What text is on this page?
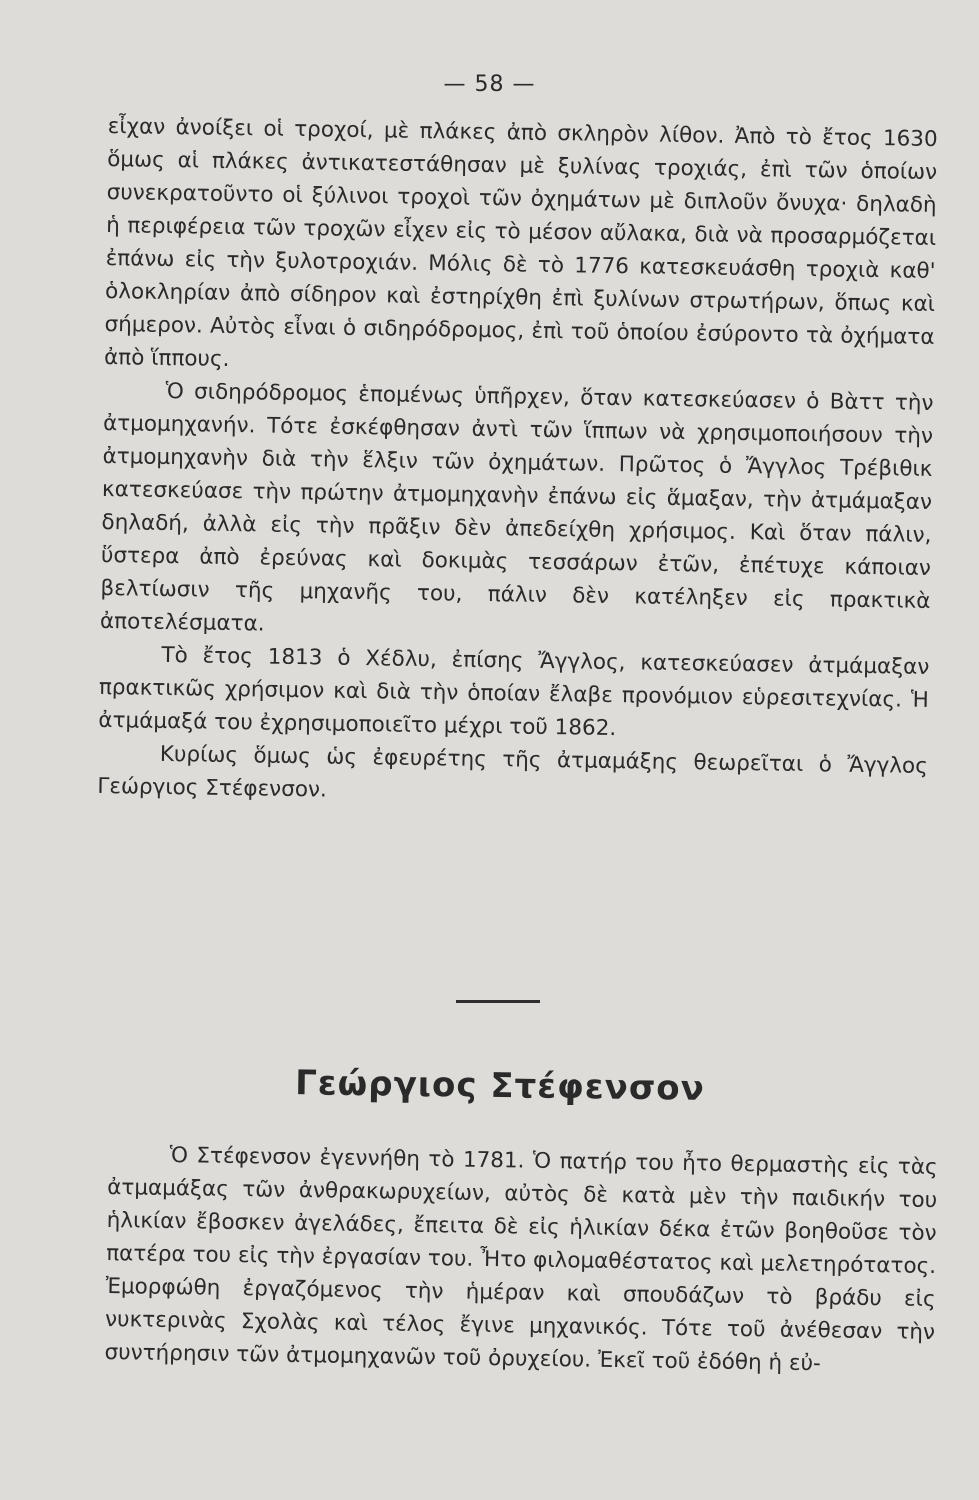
— 58 —

εἶχαν ἀνοίξει οἱ τροχοί, μὲ πλάκες ἀπὸ σκληρὸν λίθον. Ἀπὸ τὸ ἔτος 1630 ὅμως αἱ πλάκες ἀντικατεστάθησαν μὲ ξυλίνας τροχιάς, ἐπὶ τῶν ὁποίων συνεκρατοῦντο οἱ ξύλινοι τροχοὶ τῶν ὀχημάτων μὲ διπλοῦν ὄνυχα· δηλαδὴ ἡ περιφέρεια τῶν τροχῶν εἶχεν εἰς τὸ μέσον αὔλακα, διὰ νὰ προσαρμόζεται ἐπάνω εἰς τὴν ξυλοτροχιάν. Μόλις δὲ τὸ 1776 κατεσκευάσθη τροχιὰ καθ' ὁλοκληρίαν ἀπὸ σίδηρον καὶ ἐστηρίχθη ἐπὶ ξυλίνων στρωτήρων, ὅπως καὶ σήμερον. Αὐτὸς εἶναι ὁ σιδηρόδρομος, ἐπὶ τοῦ ὁποίου ἐσύροντο τὰ ὀχήματα ἀπὸ ἵππους.

Ὁ σιδηρόδρομος ἑπομένως ὑπῆρχεν, ὅταν κατεσκεύασεν ὁ Βὰττ τὴν ἀτμομηχανήν. Τότε ἐσκέφθησαν ἀντὶ τῶν ἵππων νὰ χρησιμοποιήσουν τὴν ἀτμομηχανὴν διὰ τὴν ἕλξιν τῶν ὀχημάτων. Πρῶτος ὁ Ἄγγλος Τρέβιθικ κατεσκεύασε τὴν πρώτην ἀτμομηχανὴν ἐπάνω εἰς ἅμαξαν, τὴν ἀτμάμαξαν δηλαδή, ἀλλὰ εἰς τὴν πρᾶξιν δὲν ἀπεδείχθη χρήσιμος. Καὶ ὅταν πάλιν, ὕστερα ἀπὸ ἐρεύνας καὶ δοκιμὰς τεσσάρων ἐτῶν, ἐπέτυχε κάποιαν βελτίωσιν τῆς μηχανῆς του, πάλιν δὲν κατέληξεν εἰς πρακτικὰ ἀποτελέσματα.

Τὸ ἔτος 1813 ὁ Χέδλυ, ἐπίσης Ἄγγλος, κατεσκεύασεν ἀτμάμαξαν πρακτικῶς χρήσιμον καὶ διὰ τὴν ὁποίαν ἔλαβε προνόμιον εὑρεσιτεχνίας. Ἡ ἀτμάμαξά του ἐχρησιμοποιεῖτο μέχρι τοῦ 1862.

Κυρίως ὅμως ὡς ἐφευρέτης τῆς ἀτμαμάξης θεωρεῖται ὁ Ἄγγλος Γεώργιος Στέφενσον.

Γεώργιος Στέφενσον

Ὁ Στέφενσον ἐγεννήθη τὸ 1781. Ὁ πατήρ του ἦτο θερμαστὴς εἰς τὰς ἀτμαμάξας τῶν ἀνθρακωρυχείων, αὐτὸς δὲ κατὰ μὲν τὴν παιδικήν του ἡλικίαν ἔβοσκεν ἀγελάδες, ἔπειτα δὲ εἰς ἡλικίαν δέκα ἐτῶν βοηθοῦσε τὸν πατέρα του εἰς τὴν ἐργασίαν του. Ἦτο φιλομαθέστατος καὶ μελετηρότατος. Ἐμορφώθη ἐργαζόμενος τὴν ἡμέραν καὶ σπουδάζων τὸ βράδυ εἰς νυκτερινὰς Σχολὰς καὶ τέλος ἔγινε μηχανικός. Τότε τοῦ ἀνέθεσαν τὴν συντήρησιν τῶν ἀτμομηχανῶν τοῦ ὀρυχείου. Ἐκεῖ τοῦ ἐδόθη ἡ εὐ-
